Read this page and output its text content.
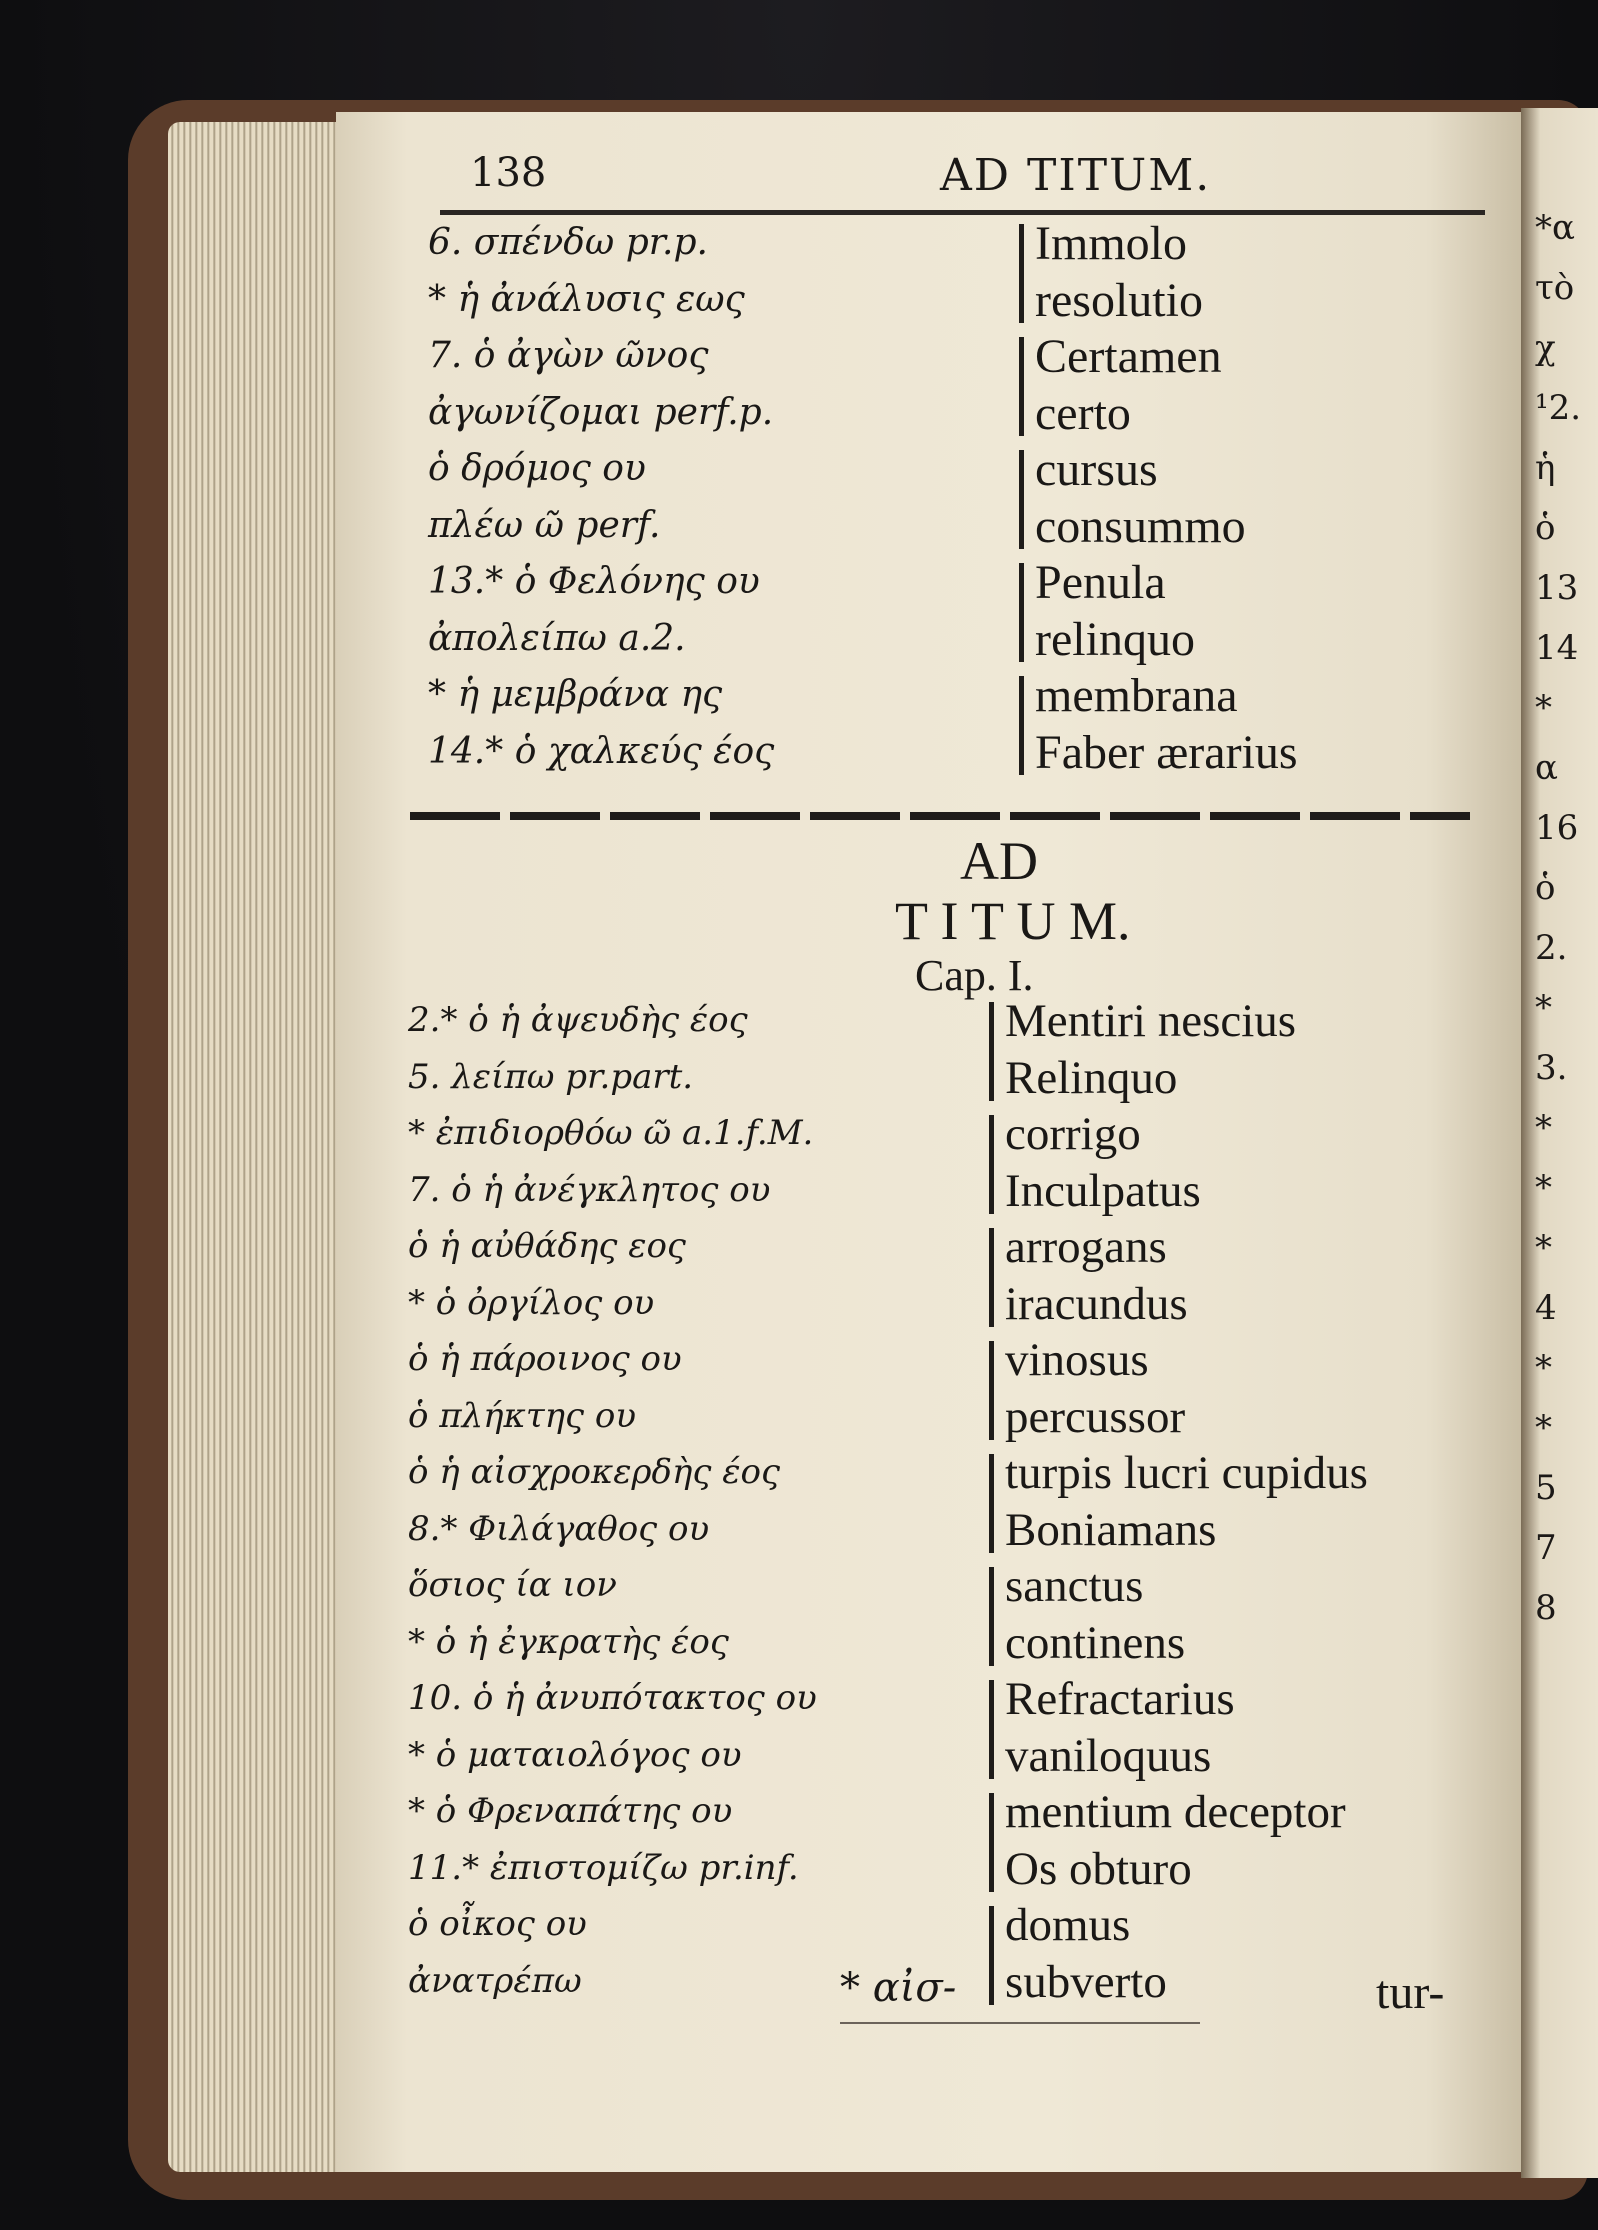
*α
τὸ
χ
¹2.
ἡ
ὁ
13
14
*
α
16
ὁ
2.
*
3.
*
*
*
4
*
*
5
7
8
138	AD TITUM.
6. σπένδω pr.p.	Immolo
* ἡ ἀνάλυσις εως	resolutio
7. ὁ ἀγὼν ῶνος	Certamen
ἀγωνίζομαι perf.p.	certo
ὁ δρόμος ου	cursus
πλέω ῶ perf.	consummo
13.* ὁ Φελόνης ου	Penula
ἀπολείπω a.2.	relinquo
* ἡ μεμβράνα ης	membrana
14.* ὁ χαλκεύς έος	Faber ærarius
AD
T I T U M.
Cap. I.
2.* ὁ ἡ ἀψευδὴς έος	Mentiri nescius
5. λείπω pr.part.	Relinquo
* ἐπιδιορθόω ῶ a.1.f.M.	corrigo
7. ὁ ἡ ἀνέγκλητος ου	Inculpatus
ὁ ἡ αὐθάδης εος	arrogans
* ὁ ὀργίλος ου	iracundus
ὁ ἡ πάροινος ου	vinosus
ὁ πλήκτης ου	percussor
ὁ ἡ αἰσχροκερδὴς έος	turpis lucri cupidus
8.* Φιλάγαθος ου	Boniamans
ὅσιος ία ιον	sanctus
* ὁ ἡ ἐγκρατὴς έος	continens
10. ὁ ἡ ἀνυπότακτος ου	Refractarius
* ὁ ματαιολόγος ου	vaniloquus
* ὁ Φρεναπάτης ου	mentium deceptor
11.* ἐπιστομίζω pr.inf.	Os obturo
ὁ οἶκος ου	domus
ἀνατρέπω	subverto
* αἰσ-	tur-
